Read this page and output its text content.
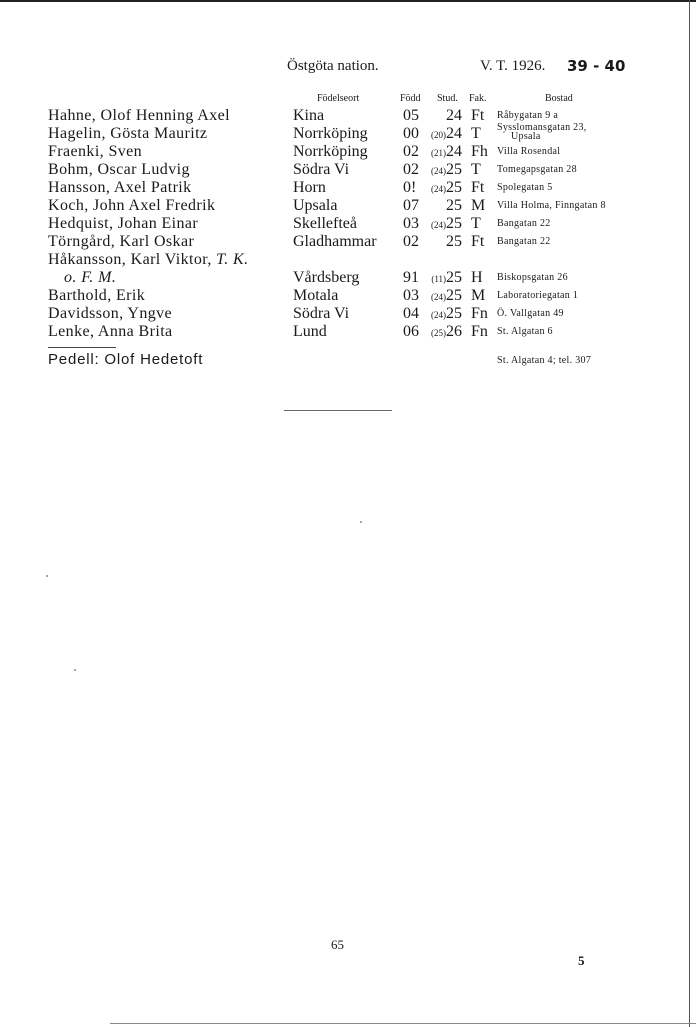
Östgöta nation.	V. T. 1926. 39 - 40
Födelseort	Född Stud. Fak.	Bostad
Hahne, Olof Henning Axel	Kina	05	24 Ft Råbygatan 9 a
Hagelin, Gösta Mauritz	Norrköping 00	(20)24 T Sysslomansgatan 23,
Upsala
Fraenki, Sven	Norrköping 02	(21)24 Fh Villa Rosendal
Bohm, Oscar Ludvig	Södra Vi	02	(24)25 T Tomegapsgatan 28
Hansson, Axel Patrik	Horn	0!	(24)25 Ft Spolegatan 5
Koch, John Axel Fredrik	Upsala	07	25 M Villa Holma, Finngatan 8
Hedquist, Johan Einar	Skellefteå	03	(24)25 T Bangatan 22
Törngård, Karl Oskar	Gladhammar 02	25 Ft Bangatan 22
Håkansson, Karl Viktor, T. K.
o. F. M.	Vårdsberg	91	(11)25 H Biskopsgatan 26
Barthold, Erik	Motala	03	(24)25 M Laboratoriegatan 1
Davidsson, Yngve	Södra Vi	04	(24)25 Fn Ö. Vallgatan 49
Lenke, Anna Brita	Lund	06	(25)26 Fn St. Algatan 6
Pedell: Olof Hedetoft	St. Algatan 4; tel. 307
65
5
